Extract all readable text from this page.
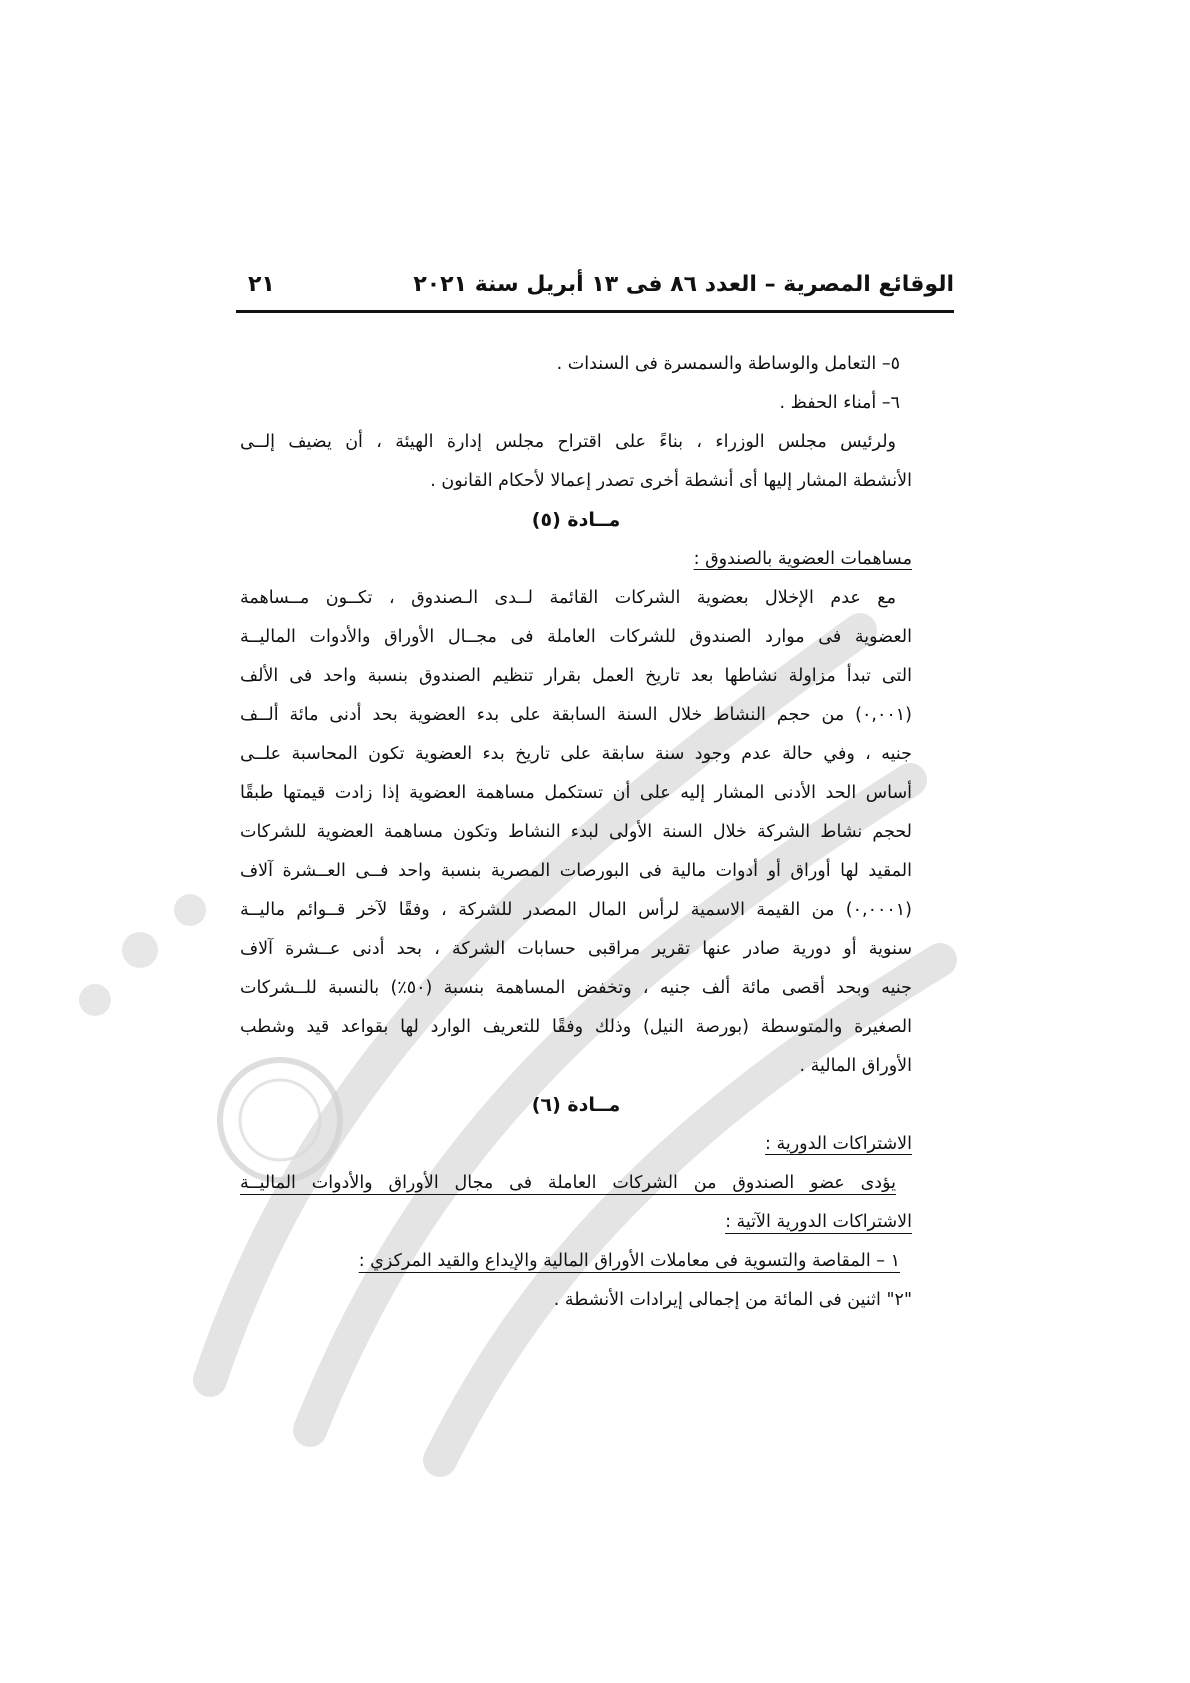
الوقائع المصرية – العدد ٨٦ فى ١٣ أبريل سنة ٢٠٢١
٢١
٥– التعامل والوساطة والسمسرة فى السندات .
٦– أمناء الحفظ .
ولرئيس مجلس الوزراء ، بناءً على اقتراح مجلس إدارة الهيئة ، أن يضيف إلــى
الأنشطة المشار إليها أى أنشطة أخرى تصدر إعمالا لأحكام القانون .
مــادة (٥)
مساهمات العضوية بالصندوق :
مع عدم الإخلال بعضوية الشركات القائمة لــدى الـصندوق ، تكــون مــساهمة
العضوية فى موارد الصندوق للشركات العاملة فى مجــال الأوراق والأدوات الماليــة
التى تبدأ مزاولة نشاطها بعد تاريخ العمل بقرار تنظيم الصندوق بنسبة واحد فى الألف
(٠,٠٠١) من حجم النشاط خلال السنة السابقة على بدء العضوية بحد أدنى مائة ألــف
جنيه ، وفي حالة عدم وجود سنة سابقة على تاريخ بدء العضوية تكون المحاسبة علــى
أساس الحد الأدنى المشار إليه على أن تستكمل مساهمة العضوية إذا زادت قيمتها طبقًا
لحجم نشاط الشركة خلال السنة الأولى لبدء النشاط وتكون مساهمة العضوية للشركات
المقيد لها أوراق أو أدوات مالية فى البورصات المصرية بنسبة واحد فــى العــشرة آلاف
(٠,٠٠٠١) من القيمة الاسمية لرأس المال المصدر للشركة ، وفقًا لآخر قــوائم ماليــة
سنوية أو دورية صادر عنها تقرير مراقبى حسابات الشركة ، بحد أدنى عــشرة آلاف
جنيه وبحد أقصى مائة ألف جنيه ، وتخفض المساهمة بنسبة (٥٠٪) بالنسبة للــشركات
الصغيرة والمتوسطة (بورصة النيل) وذلك وفقًا للتعريف الوارد لها بقواعد قيد وشطب
الأوراق المالية .
مــادة (٦)
الاشتراكات الدورية :
يؤدى عضو الصندوق من الشركات العاملة فى مجال الأوراق والأدوات الماليــة
الاشتراكات الدورية الآتية :
١ – المقاصة والتسوية فى معاملات الأوراق المالية والإيداع والقيد المركزي :
"٢" اثنين فى المائة من إجمالى إيرادات الأنشطة .
